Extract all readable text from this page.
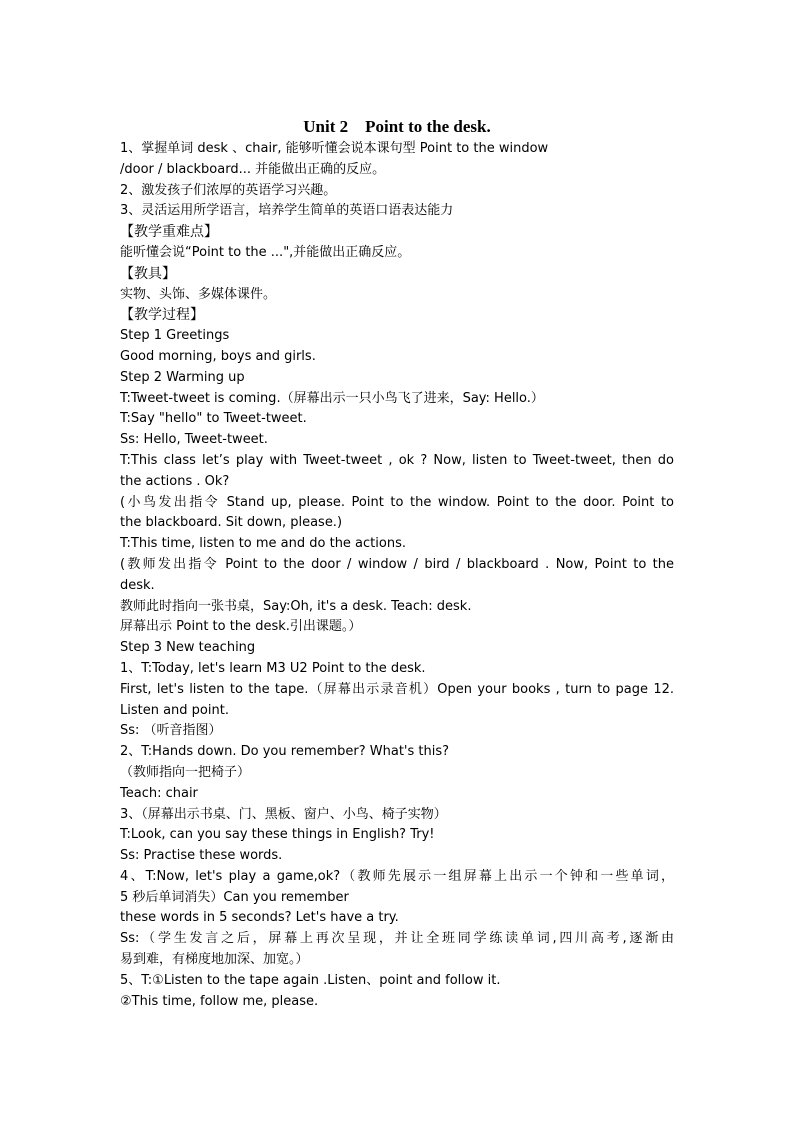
Unit 2    Point to the desk.
1、掌握单词 desk 、chair, 能够听懂会说本课句型 Point to the window
/door / blackboard... 并能做出正确的反应。
2、激发孩子们浓厚的英语学习兴趣。
3、灵活运用所学语言，培养学生简单的英语口语表达能力
【教学重难点】
能听懂会说“Point to the ...",并能做出正确反应。
【教具】
实物、头饰、多媒体课件。
【教学过程】
Step 1 Greetings
Good morning, boys and girls.
Step 2 Warming up
T:Tweet-tweet is coming.（屏幕出示一只小鸟飞了进来，Say: Hello.）
T:Say "hello" to Tweet-tweet.
Ss: Hello, Tweet-tweet.
T:This class let’s play with Tweet-tweet , ok ? Now, listen to Tweet-tweet, then do
the actions . Ok?
(小鸟发出指令 Stand up, please. Point to the window. Point to the door. Point to
the blackboard. Sit down, please.)
T:This time, listen to me and do the actions.
(教师发出指令 Point to the door / window / bird / blackboard . Now, Point to the
desk.
教师此时指向一张书桌，Say:Oh, it's a desk. Teach: desk.
屏幕出示 Point to the desk.引出课题。）
Step 3 New teaching
1、T:Today, let's learn M3 U2 Point to the desk.
First, let's listen to the tape.（屏幕出示录音机）Open your books , turn to page 12.
Listen and point.
Ss: （听音指图）
2、T:Hands down. Do you remember? What's this?
（教师指向一把椅子）
Teach: chair
3、（屏幕出示书桌、门、黑板、窗户、小鸟、椅子实物）
T:Look, can you say these things in English? Try!
Ss: Practise these words.
4、T:Now, let's play a game,ok?（教师先展示一组屏幕上出示一个钟和一些单词，
5 秒后单词消失）Can you remember
these words in 5 seconds? Let's have a try.
Ss:（学生发言之后，屏幕上再次呈现，并让全班同学练读单词,四川高考,逐渐由
易到难，有梯度地加深、加宽。）
5、T:①Listen to the tape again .Listen、point and follow it.
②This time, follow me, please.
